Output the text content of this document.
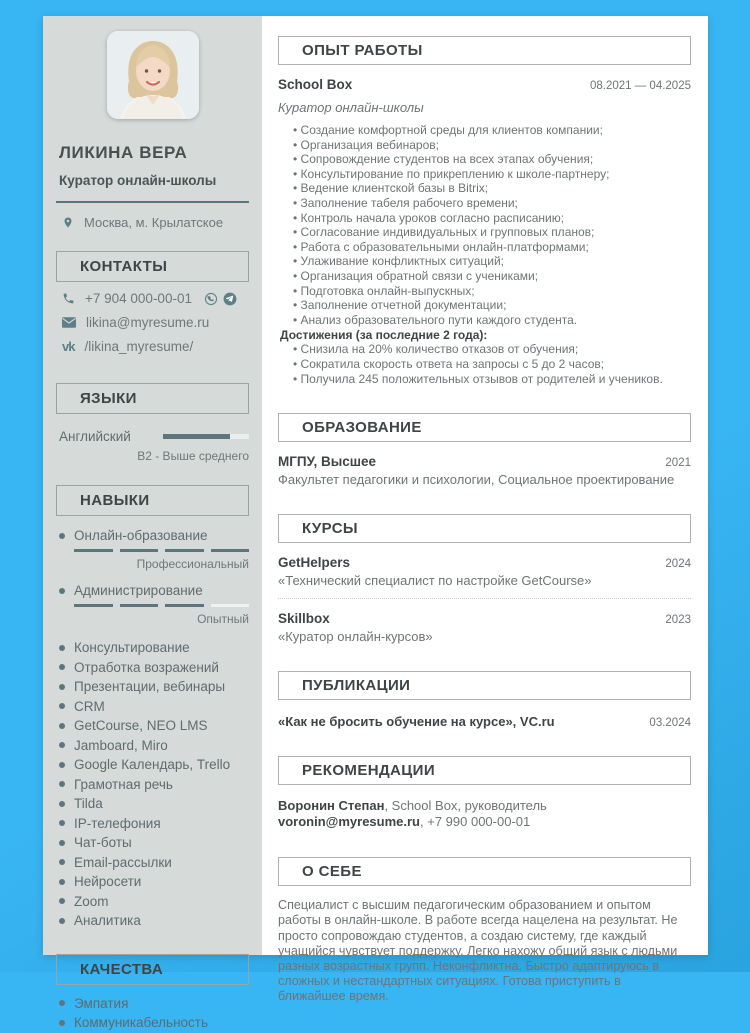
ЛИКИНА ВЕРА
Куратор онлайн-школы
Москва, м. Крылатское
КОНТАКТЫ
+7 904 000-00-01
likina@myresume.ru
vk /likina_myresume/
ЯЗЫКИ
Английский
B2 - Выше среднего
НАВЫКИ
Онлайн-образование
Профессиональный
Администрирование
Опытный
Консультирование
Отработка возражений
Презентации, вебинары
CRM
GetCourse, NEO LMS
Jamboard, Miro
Google Календарь, Trello
Грамотная речь
Tilda
IP-телефония
Чат-боты
Email-рассылки
Нейросети
Zoom
Аналитика
КАЧЕСТВА
Эмпатия
Коммуникабельность
ОПЫТ РАБОТЫ
School Box	08.2021 — 04.2025
Куратор онлайн-школы
• Создание комфортной среды для клиентов компании;
• Организация вебинаров;
• Сопровождение студентов на всех этапах обучения;
• Консультирование по прикреплению к школе-партнеру;
• Ведение клиентской базы в Bitrix;
• Заполнение табеля рабочего времени;
• Контроль начала уроков согласно расписанию;
• Согласование индивидуальных и групповых планов;
• Работа с образовательными онлайн-платформами;
• Улаживание конфликтных ситуаций;
• Организация обратной связи с учениками;
• Подготовка онлайн-выпускных;
• Заполнение отчетной документации;
• Анализ образовательного пути каждого студента.
Достижения (за последние 2 года):
• Снизила на 20% количество отказов от обучения;
• Сократила скорость ответа на запросы с 5 до 2 часов;
• Получила 245 положительных отзывов от родителей и учеников.
ОБРАЗОВАНИЕ
МГПУ, Высшее	2021
Факультет педагогики и психологии, Социальное проектирование
КУРСЫ
GetHelpers	2024
«Технический специалист по настройке GetCourse»
Skillbox	2023
«Куратор онлайн-курсов»
ПУБЛИКАЦИИ
«Как не бросить обучение на курсе», VC.ru	03.2024
РЕКОМЕНДАЦИИ
Воронин Степан, School Box, руководитель
voronin@myresume.ru, +7 990 000-00-01
О СЕБЕ

Специалист с высшим педагогическим образованием и опытом работы в онлайн-школе. В работе всегда нацелена на результат. Не просто сопровождаю студентов, а создаю систему, где каждый учащийся чувствует поддержку. Легко нахожу общий язык с людьми разных возрастных групп. Неконфликтна. Быстро адаптируюсь в сложных и нестандартных ситуациях. Готова приступить в ближайшее время.
